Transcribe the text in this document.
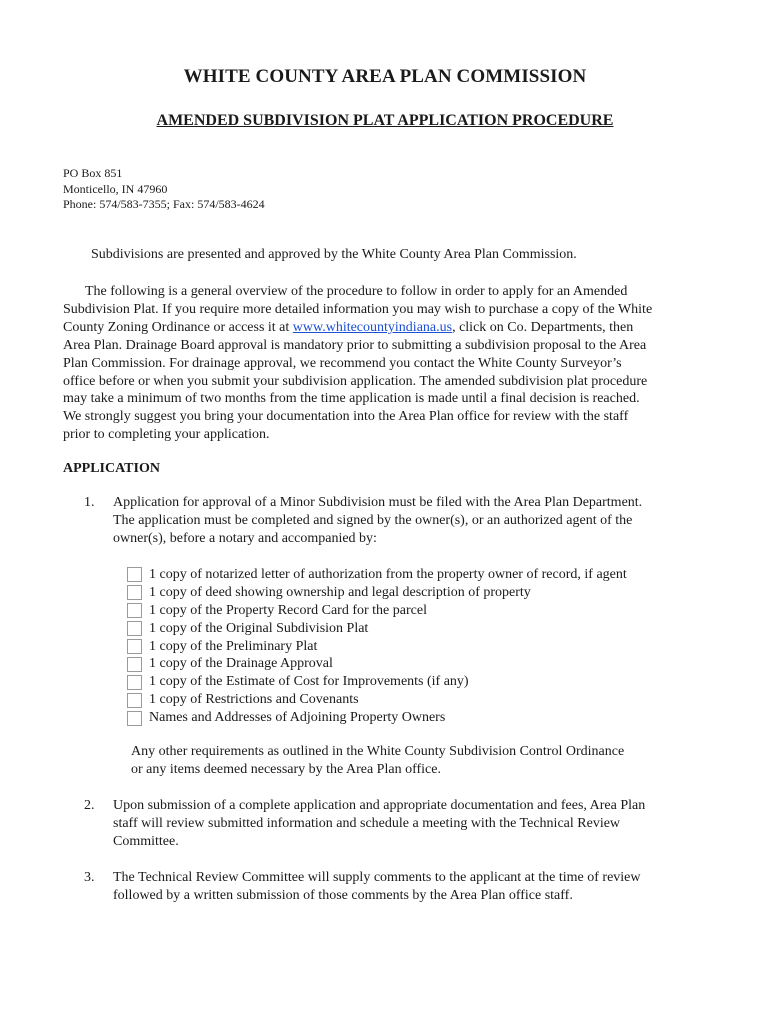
WHITE COUNTY AREA PLAN COMMISSION
AMENDED SUBDIVISION PLAT APPLICATION PROCEDURE
PO Box 851
Monticello, IN 47960
Phone: 574/583-7355; Fax: 574/583-4624
Subdivisions are presented and approved by the White County Area Plan Commission.

The following is a general overview of the procedure to follow in order to apply for an Amended
Subdivision Plat. If you require more detailed information you may wish to purchase a copy of the White
County Zoning Ordinance or access it at www.whitecountyindiana.us, click on Co. Departments, then
Area Plan. Drainage Board approval is mandatory prior to submitting a subdivision proposal to the Area
Plan Commission. For drainage approval, we recommend you contact the White County Surveyor’s
office before or when you submit your subdivision application. The amended subdivision plat procedure
may take a minimum of two months from the time application is made until a final decision is reached.
We strongly suggest you bring your documentation into the Area Plan office for review with the staff
prior to completing your application.

APPLICATION
1.	Application for approval of a Minor Subdivision must be filed with the Area Plan Department.
The application must be completed and signed by the owner(s), or an authorized agent of the
owner(s), before a notary and accompanied by:
1 copy of notarized letter of authorization from the property owner of record, if agent
1 copy of deed showing ownership and legal description of property
1 copy of the Property Record Card for the parcel
1 copy of the Original Subdivision Plat
1 copy of the Preliminary Plat
1 copy of the Drainage Approval
1 copy of the Estimate of Cost for Improvements (if any)
1 copy of Restrictions and Covenants
Names and Addresses of Adjoining Property Owners
Any other requirements as outlined in the White County Subdivision Control Ordinance
or any items deemed necessary by the Area Plan office.
2.	Upon submission of a complete application and appropriate documentation and fees, Area Plan
staff will review submitted information and schedule a meeting with the Technical Review
Committee.
3.	The Technical Review Committee will supply comments to the applicant at the time of review
followed by a written submission of those comments by the Area Plan office staff.
